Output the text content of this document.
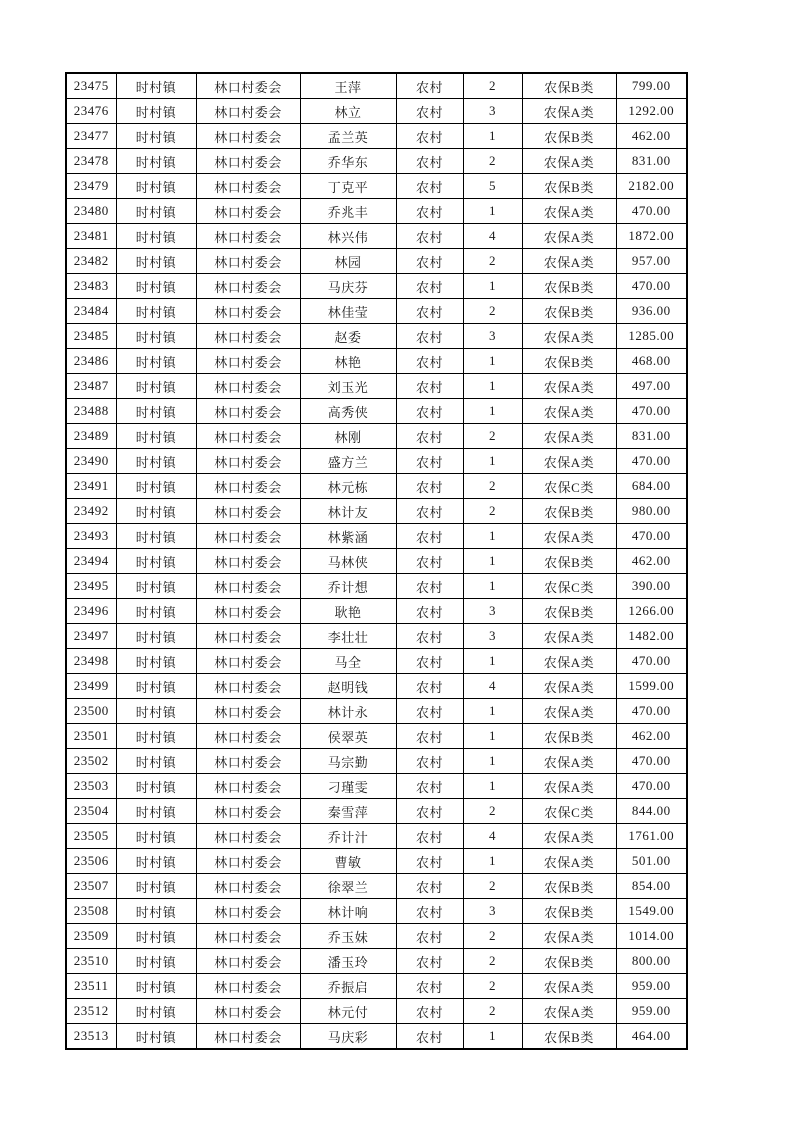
23475	时村镇	林口村委会	王萍	农村	2	农保B类	799.00
23476	时村镇	林口村委会	林立	农村	3	农保A类	1292.00
23477	时村镇	林口村委会	孟兰英	农村	1	农保B类	462.00
23478	时村镇	林口村委会	乔华东	农村	2	农保A类	831.00
23479	时村镇	林口村委会	丁克平	农村	5	农保B类	2182.00
23480	时村镇	林口村委会	乔兆丰	农村	1	农保A类	470.00
23481	时村镇	林口村委会	林兴伟	农村	4	农保A类	1872.00
23482	时村镇	林口村委会	林园	农村	2	农保A类	957.00
23483	时村镇	林口村委会	马庆芬	农村	1	农保B类	470.00
23484	时村镇	林口村委会	林佳莹	农村	2	农保B类	936.00
23485	时村镇	林口村委会	赵委	农村	3	农保A类	1285.00
23486	时村镇	林口村委会	林艳	农村	1	农保B类	468.00
23487	时村镇	林口村委会	刘玉光	农村	1	农保A类	497.00
23488	时村镇	林口村委会	高秀侠	农村	1	农保A类	470.00
23489	时村镇	林口村委会	林刚	农村	2	农保A类	831.00
23490	时村镇	林口村委会	盛方兰	农村	1	农保A类	470.00
23491	时村镇	林口村委会	林元栋	农村	2	农保C类	684.00
23492	时村镇	林口村委会	林计友	农村	2	农保B类	980.00
23493	时村镇	林口村委会	林紫涵	农村	1	农保A类	470.00
23494	时村镇	林口村委会	马林侠	农村	1	农保B类	462.00
23495	时村镇	林口村委会	乔计想	农村	1	农保C类	390.00
23496	时村镇	林口村委会	耿艳	农村	3	农保B类	1266.00
23497	时村镇	林口村委会	李壮壮	农村	3	农保A类	1482.00
23498	时村镇	林口村委会	马全	农村	1	农保A类	470.00
23499	时村镇	林口村委会	赵明钱	农村	4	农保A类	1599.00
23500	时村镇	林口村委会	林计永	农村	1	农保A类	470.00
23501	时村镇	林口村委会	侯翠英	农村	1	农保B类	462.00
23502	时村镇	林口村委会	马宗勤	农村	1	农保A类	470.00
23503	时村镇	林口村委会	刁瑾雯	农村	1	农保A类	470.00
23504	时村镇	林口村委会	秦雪萍	农村	2	农保C类	844.00
23505	时村镇	林口村委会	乔计汁	农村	4	农保A类	1761.00
23506	时村镇	林口村委会	曹敏	农村	1	农保A类	501.00
23507	时村镇	林口村委会	徐翠兰	农村	2	农保B类	854.00
23508	时村镇	林口村委会	林计响	农村	3	农保B类	1549.00
23509	时村镇	林口村委会	乔玉妹	农村	2	农保A类	1014.00
23510	时村镇	林口村委会	潘玉玲	农村	2	农保B类	800.00
23511	时村镇	林口村委会	乔振启	农村	2	农保A类	959.00
23512	时村镇	林口村委会	林元付	农村	2	农保A类	959.00
23513	时村镇	林口村委会	马庆彩	农村	1	农保B类	464.00
